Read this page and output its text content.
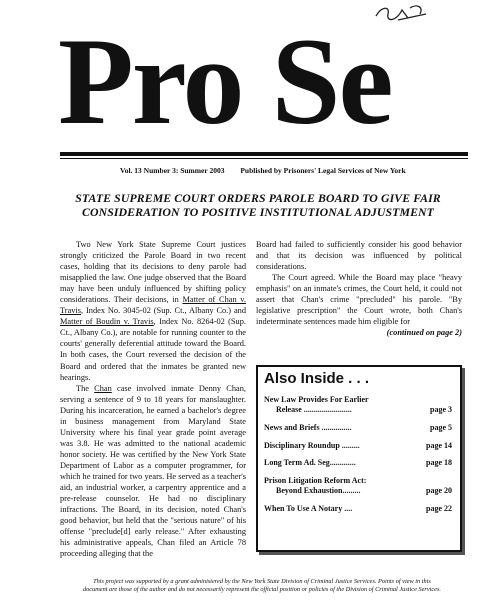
Pro Se
Vol. 13 Number 3: Summer 2003 Published by Prisoners' Legal Services of New York
STATE SUPREME COURT ORDERS PAROLE BOARD TO GIVE FAIR
CONSIDERATION TO POSITIVE INSTITUTIONAL ADJUSTMENT

Two New York State Supreme Court justices strongly criticized the Parole Board in two recent cases, holding that its decisions to deny parole had misapplied the law. One judge observed that the Board may have been unduly influenced by shifting policy considerations. Their decisions, in Matter of Chan v. Travis, Index No. 3045-02 (Sup. Ct., Albany Co.) and Matter of Boudin v. Travis, Index No. 8264-02 (Sup. Ct., Albany Co.), are notable for running counter to the courts' generally deferential attitude toward the Board. In both cases, the Court reversed the decision of the Board and ordered that the inmates be granted new hearings.

The Chan case involved inmate Denny Chan, serving a sentence of 9 to 18 years for manslaughter. During his incarceration, he earned a bachelor's degree in business management from Maryland State University where his final year grade point average was 3.8. He was admitted to the national academic honor society. He was certified by the New York State Department of Labor as a computer programmer, for which he trained for two years. He served as a teacher's aid, an industrial worker, a carpentry apprentice and a pre-release counselor. He had no disciplinary infractions. The Board, in its decision, noted Chan's good behavior, but held that the "serious nature" of his offense "preclude[d] early release." After exhausting his administrative appeals, Chan filed an Article 78 proceeding alleging that the

Board had failed to sufficiently consider his good behavior and that its decision was influenced by political considerations.

The Court agreed. While the Board may place "heavy emphasis" on an inmate's crimes, the Court held, it could not assert that Chan's crime "precluded" his parole. "By legislative prescription" the Court wrote, both Chan's indeterminate sentences made him eligible for

(continued on page 2)
Also Inside . . .
New Law Provides For Earlier
Release ........................	page 3
News and Briefs ...............	page 5
Disciplinary Roundup .........	page 14
Long Term Ad. Seg.............	page 18
Prison Litigation Reform Act:
Beyond Exhaustion.........	page 20
When To Use A Notary ....	page 22
This project was supported by a grant administered by the New York State Division of Criminal Justice Services. Points of view in this
document are those of the author and do not necessarily represent the official position or policies of the Division of Criminal Justice Services.
